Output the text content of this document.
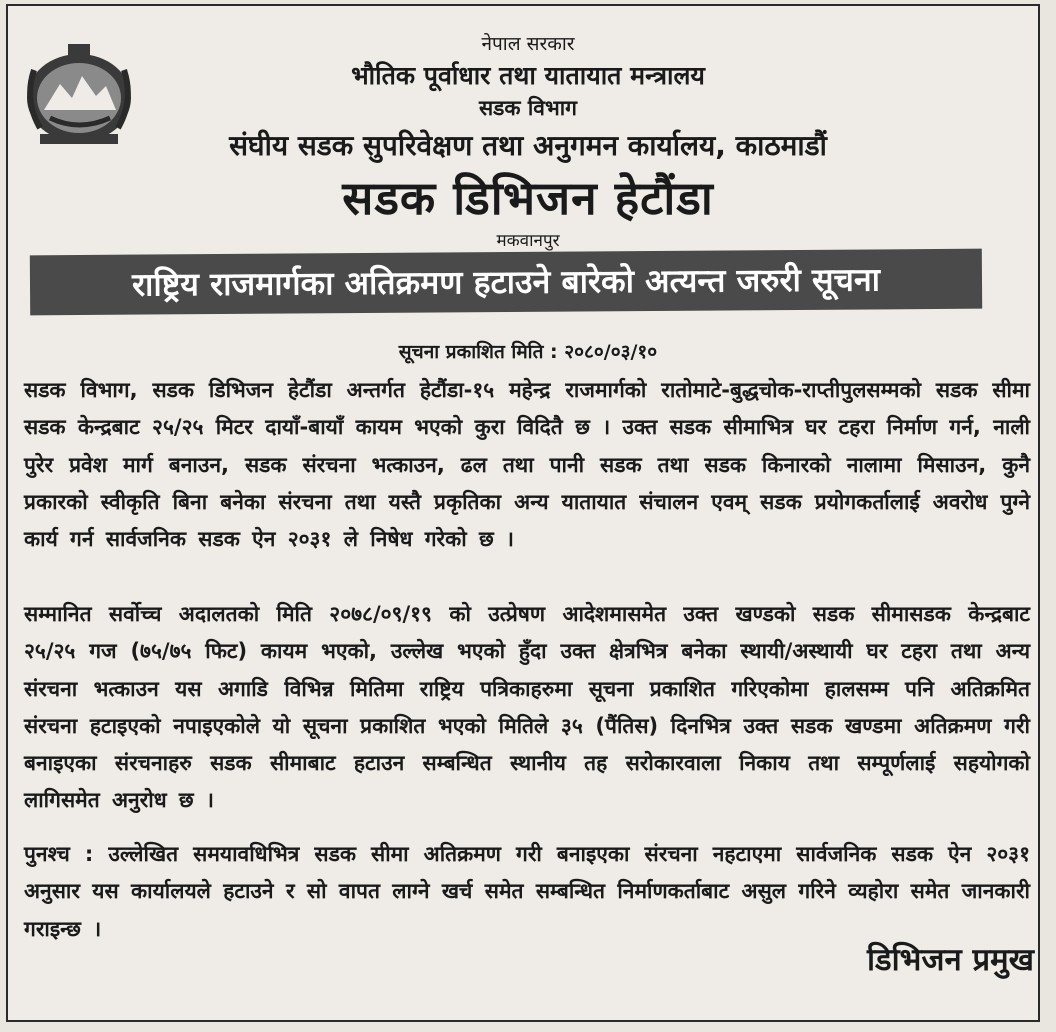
नेपाल सरकार
भौतिक पूर्वाधार तथा यातायात मन्त्रालय
सडक विभाग
संघीय सडक सुपरिवेक्षण तथा अनुगमन कार्यालय, काठमाडौं
सडक डिभिजन हेटौंडा
मकवानपुर
राष्ट्रिय राजमार्गका अतिक्रमण हटाउने बारेको अत्यन्त जरुरी सूचना
सूचना प्रकाशित मिति : २०८०/०३/१०
सडक विभाग, सडक डिभिजन हेटौंडा अन्तर्गत हेटौंडा-१५ महेन्द्र राजमार्गको रातोमाटे-बुद्धचोक-राप्तीपुलसम्मको सडक सीमा सडक केन्द्रबाट २५/२५ मिटर दायाँ-बायाँ कायम भएको कुरा विदितै छ । उक्त सडक सीमाभित्र घर टहरा निर्माण गर्न, नाली पुरेर प्रवेश मार्ग बनाउन, सडक संरचना भत्काउन, ढल तथा पानी सडक तथा सडक किनारको नालामा मिसाउन, कुनै प्रकारको स्वीकृति बिना बनेका संरचना तथा यस्तै प्रकृतिका अन्य यातायात संचालन एवम् सडक प्रयोगकर्तालाई अवरोध पुग्ने कार्य गर्न सार्वजनिक सडक ऐन २०३१ ले निषेध गरेको छ ।
सम्मानित सर्वोच्च अदालतको मिति २०७८/०९/१९ को उत्प्रेषण आदेशमासमेत उक्त खण्डको सडक सीमासडक केन्द्रबाट २५/२५ गज (७५/७५ फिट) कायम भएको, उल्लेख भएको हुँदा उक्त क्षेत्रभित्र बनेका स्थायी/अस्थायी घर टहरा तथा अन्य संरचना भत्काउन यस अगाडि विभिन्न मितिमा राष्ट्रिय पत्रिकाहरुमा सूचना प्रकाशित गरिएकोमा हालसम्म पनि अतिक्रमित संरचना हटाइएको नपाइएकोले यो सूचना प्रकाशित भएको मितिले ३५ (पैंतिस) दिनभित्र उक्त सडक खण्डमा अतिक्रमण गरी बनाइएका संरचनाहरु सडक सीमाबाट हटाउन सम्बन्धित स्थानीय तह सरोकारवाला निकाय तथा सम्पूर्णलाई सहयोगको लागिसमेत अनुरोध छ ।
पुनश्च : उल्लेखित समयावधिभित्र सडक सीमा अतिक्रमण गरी बनाइएका संरचना नहटाएमा सार्वजनिक सडक ऐन २०३१ अनुसार यस कार्यालयले हटाउने र सो वापत लाग्ने खर्च समेत सम्बन्धित निर्माणकर्ताबाट असुल गरिने व्यहोरा समेत जानकारी गराइन्छ ।
डिभिजन प्रमुख
